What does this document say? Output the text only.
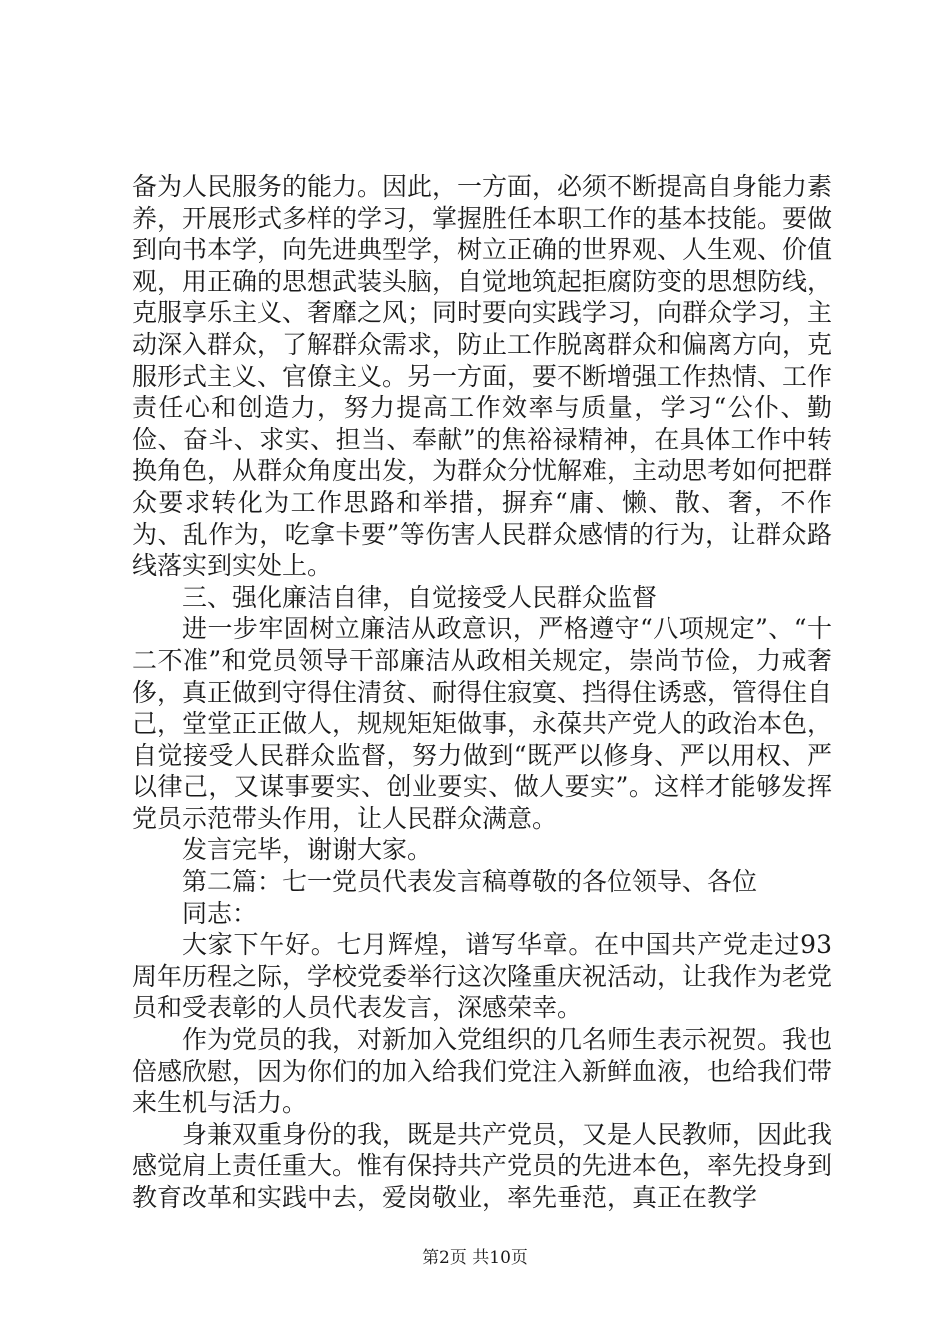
备为人民服务的能力。因此，一方面，必须不断提高自身能力素养，开展形式多样的学习，掌握胜任本职工作的基本技能。要做到向书本学，向先进典型学，树立正确的世界观、人生观、价值观，用正确的思想武装头脑，自觉地筑起拒腐防变的思想防线，克服享乐主义、奢靡之风；同时要向实践学习，向群众学习，主动深入群众，了解群众需求，防止工作脱离群众和偏离方向，克服形式主义、官僚主义。另一方面，要不断增强工作热情、工作责任心和创造力，努力提高工作效率与质量，学习“公仆、勤俭、奋斗、求实、担当、奉献”的焦裕禄精神，在具体工作中转换角色，从群众角度出发，为群众分忧解难，主动思考如何把群众要求转化为工作思路和举措，摒弃“庸、懒、散、奢，不作为、乱作为，吃拿卡要”等伤害人民群众感情的行为，让群众路线落实到实处上。

三、强化廉洁自律，自觉接受人民群众监督

进一步牢固树立廉洁从政意识，严格遵守“八项规定”、“十二不准”和党员领导干部廉洁从政相关规定，崇尚节俭，力戒奢侈，真正做到守得住清贫、耐得住寂寞、挡得住诱惑，管得住自己，堂堂正正做人，规规矩矩做事，永葆共产党人的政治本色，自觉接受人民群众监督，努力做到“既严以修身、严以用权、严以律己，又谋事要实、创业要实、做人要实”。这样才能够发挥党员示范带头作用，让人民群众满意。

发言完毕，谢谢大家。

第二篇：七一党员代表发言稿尊敬的各位领导、各位

同志：

大家下午好。七月辉煌，谱写华章。在中国共产党走过93周年历程之际，学校党委举行这次隆重庆祝活动，让我作为老党员和受表彰的人员代表发言，深感荣幸。

作为党员的我，对新加入党组织的几名师生表示祝贺。我也倍感欣慰，因为你们的加入给我们党注入新鲜血液，也给我们带来生机与活力。

身兼双重身份的我，既是共产党员，又是人民教师，因此我感觉肩上责任重大。惟有保持共产党员的先进本色，率先投身到教育改革和实践中去，爱岗敬业，率先垂范，真正在教学

第2页 共10页
